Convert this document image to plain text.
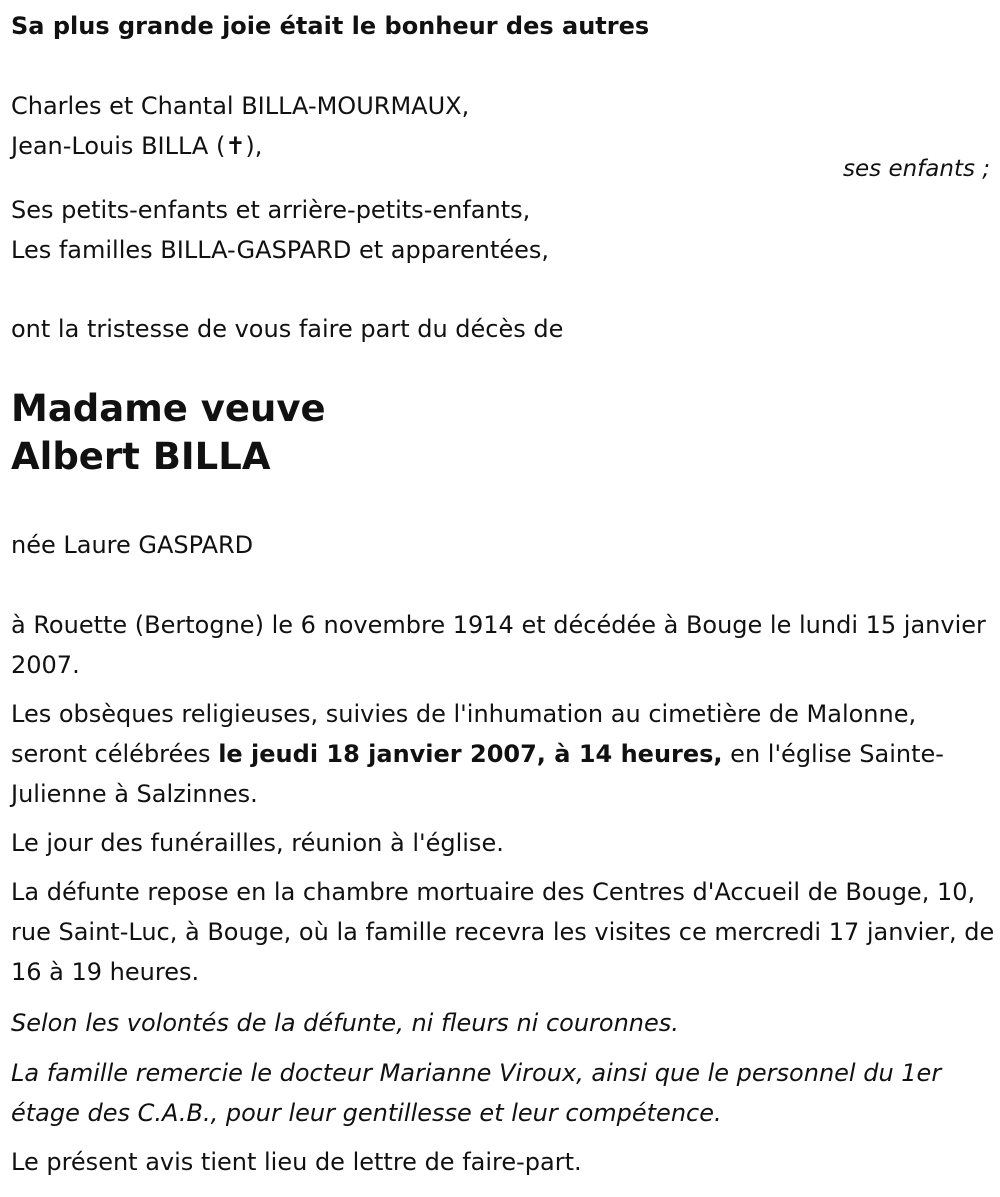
Sa plus grande joie était le bonheur des autres
Charles et Chantal BILLA-MOURMAUX,
Jean-Louis BILLA (✝),
ses enfants ;
Ses petits-enfants et arrière-petits-enfants,
Les familles BILLA-GASPARD et apparentées,
ont la tristesse de vous faire part du décès de
Madame veuve
Albert BILLA
née Laure GASPARD
à Rouette (Bertogne) le 6 novembre 1914 et décédée à Bouge le lundi 15 janvier 2007.
Les obsèques religieuses, suivies de l'inhumation au cimetière de Malonne, seront célébrées le jeudi 18 janvier 2007, à 14 heures, en l'église Sainte-Julienne à Salzinnes.
Le jour des funérailles, réunion à l'église.
La défunte repose en la chambre mortuaire des Centres d'Accueil de Bouge, 10, rue Saint-Luc, à Bouge, où la famille recevra les visites ce mercredi 17 janvier, de 16 à 19 heures.
Selon les volontés de la défunte, ni fleurs ni couronnes.
La famille remercie le docteur Marianne Viroux, ainsi que le personnel du 1er étage des C.A.B., pour leur gentillesse et leur compétence.
Le présent avis tient lieu de lettre de faire-part.
